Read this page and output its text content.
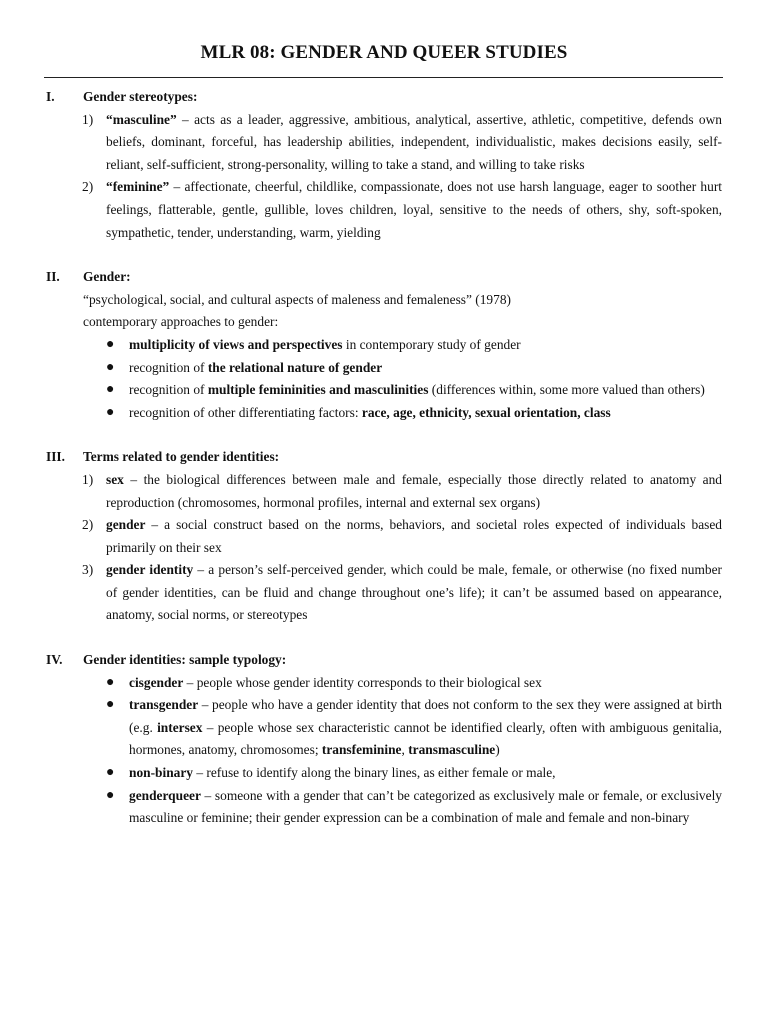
MLR 08: GENDER AND QUEER STUDIES
I. Gender stereotypes:
1) “masculine” – acts as a leader, aggressive, ambitious, analytical, assertive, athletic, competitive, defends own beliefs, dominant, forceful, has leadership abilities, independent, individualistic, makes decisions easily, self-reliant, self-sufficient, strong-personality, willing to take a stand, and willing to take risks
2) “feminine” – affectionate, cheerful, childlike, compassionate, does not use harsh language, eager to soother hurt feelings, flatterable, gentle, gullible, loves children, loyal, sensitive to the needs of others, shy, soft-spoken, sympathetic, tender, understanding, warm, yielding
II. Gender:
“psychological, social, and cultural aspects of maleness and femaleness” (1978)
contemporary approaches to gender:
● multiplicity of views and perspectives in contemporary study of gender
● recognition of the relational nature of gender
● recognition of multiple femininities and masculinities (differences within, some more valued than others)
● recognition of other differentiating factors: race, age, ethnicity, sexual orientation, class
III. Terms related to gender identities:
1) sex – the biological differences between male and female, especially those directly related to anatomy and reproduction (chromosomes, hormonal profiles, internal and external sex organs)
2) gender – a social construct based on the norms, behaviors, and societal roles expected of individuals based primarily on their sex
3) gender identity – a person’s self-perceived gender, which could be male, female, or otherwise (no fixed number of gender identities, can be fluid and change throughout one’s life); it can’t be assumed based on appearance, anatomy, social norms, or stereotypes
IV. Gender identities: sample typology:
● cisgender – people whose gender identity corresponds to their biological sex
● transgender – people who have a gender identity that does not conform to the sex they were assigned at birth (e.g. intersex – people whose sex characteristic cannot be identified clearly, often with ambiguous genitalia, hormones, anatomy, chromosomes; transfeminine, transmasculine)
● non-binary – refuse to identify along the binary lines, as either female or male,
● genderqueer – someone with a gender that can’t be categorized as exclusively male or female, or exclusively masculine or feminine; their gender expression can be a combination of male and female and non-binary
